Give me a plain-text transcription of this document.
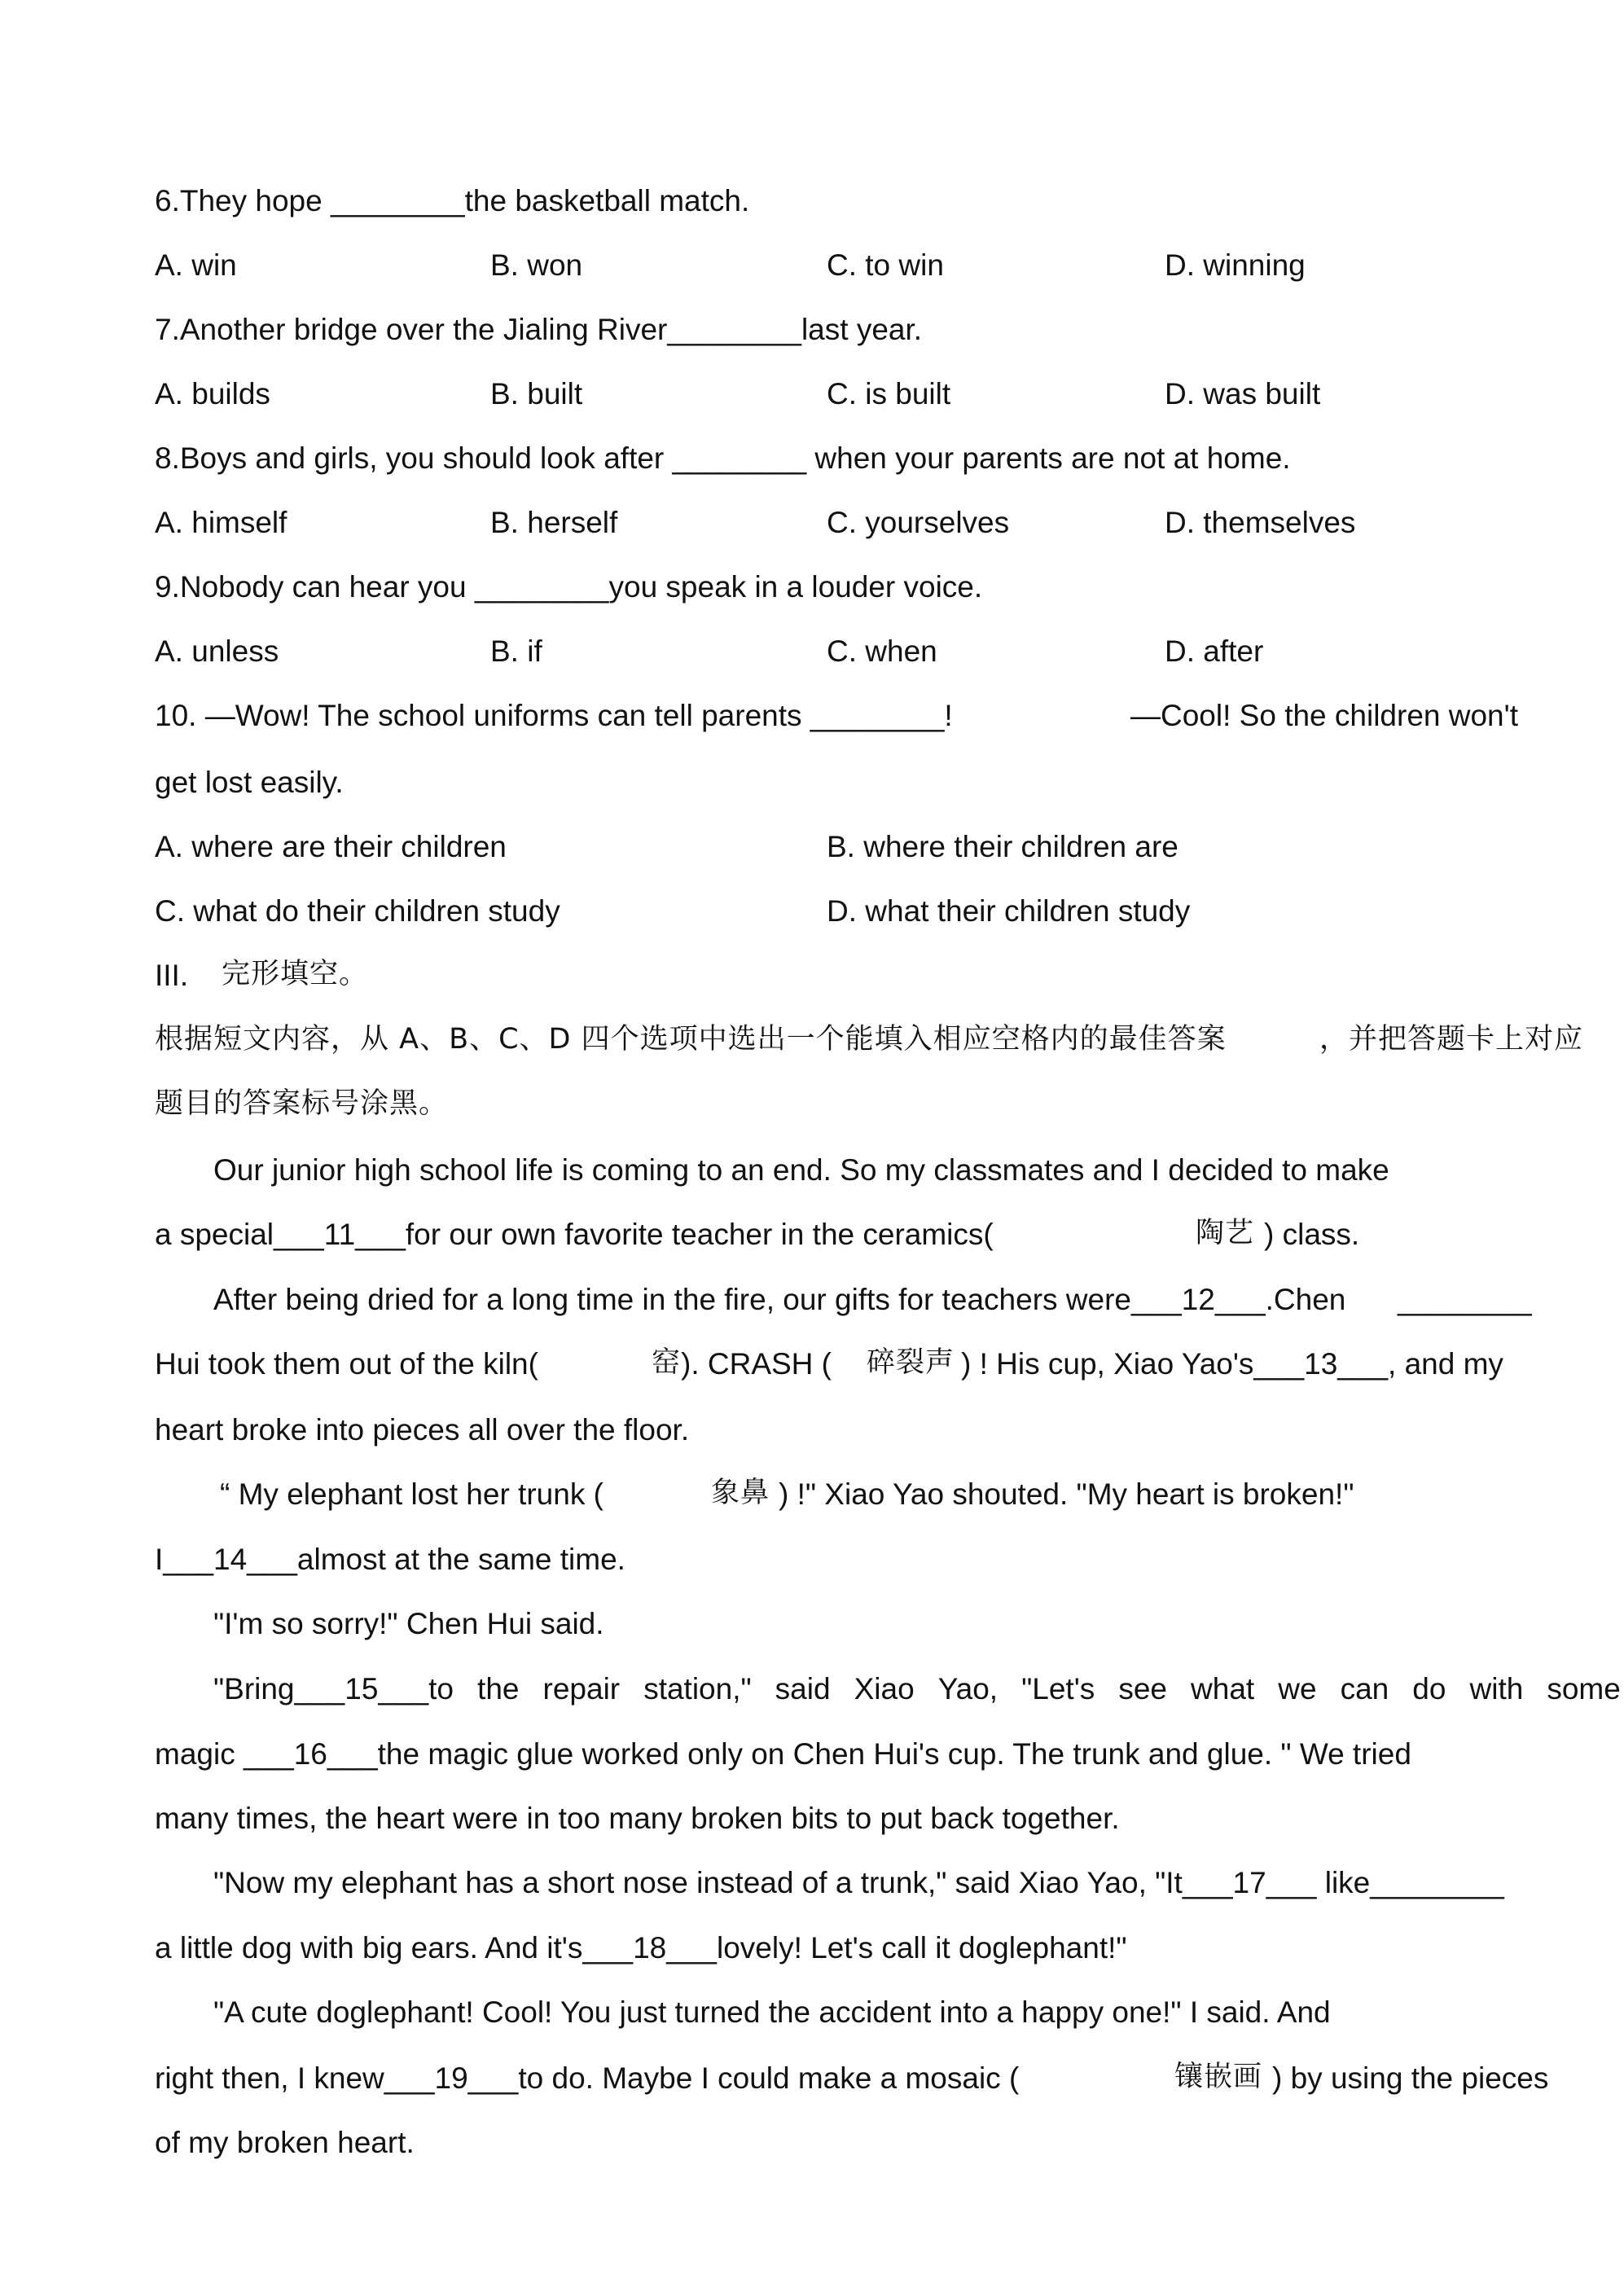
6.They hope ________the basketball match.
A. win	B. won	C. to win	D. winning
7.Another bridge over the Jialing River________last year.
A. builds	B. built	C. is built	D. was built
8.Boys and girls, you should look after ________ when your parents are not at home.
A. himself	B. herself	C. yourselves	D. themselves
9.Nobody can hear you ________you speak in a louder voice.
A. unless	B. if	C. when	D. after
10. —Wow! The school uniforms can tell parents ________!	—Cool! So the children won't
get lost easily.
A. where are their children	B. where their children are
C. what do their children study	D. what their children study
III. 完形填空。
根据短文内容，从 A、B、C、D 四个选项中选出一个能填入相应空格内的最佳答案	，并把答题卡上对应
题目的答案标号涂黑。
Our junior high school life is coming to an end. So my classmates and I decided to make
a special___11___for our own favorite teacher in the ceramics(	陶艺 ) class.
After being dried for a long time in the fire, our gifts for teachers were___12___.Chen ________
Hui took them out of the kiln(	窑 ). CRASH ( 碎裂声 ) ! His cup, Xiao Yao's___13___, and my
heart broke into pieces all over the floor.
“ My elephant lost her trunk (	象鼻 ) !" Xiao Yao shouted. "My heart is broken!"
I___14___almost at the same time.
"I'm so sorry!" Chen Hui said.
"Bring___15___to the repair station," said Xiao Yao, "Let's see what we can do with some
magic ___16___the magic glue worked only on Chen Hui's cup. The trunk and glue. " We tried
many times, the heart were in too many broken bits to put back together.
"Now my elephant has a short nose instead of a trunk," said Xiao Yao, "It___17___ like________
a little dog with big ears. And it's___18___lovely! Let's call it doglephant!"
"A cute doglephant! Cool! You just turned the accident into a happy one!" I said. And
right then, I knew___19___to do. Maybe I could make a mosaic (	镶嵌画 ) by using the pieces
of my broken heart.
